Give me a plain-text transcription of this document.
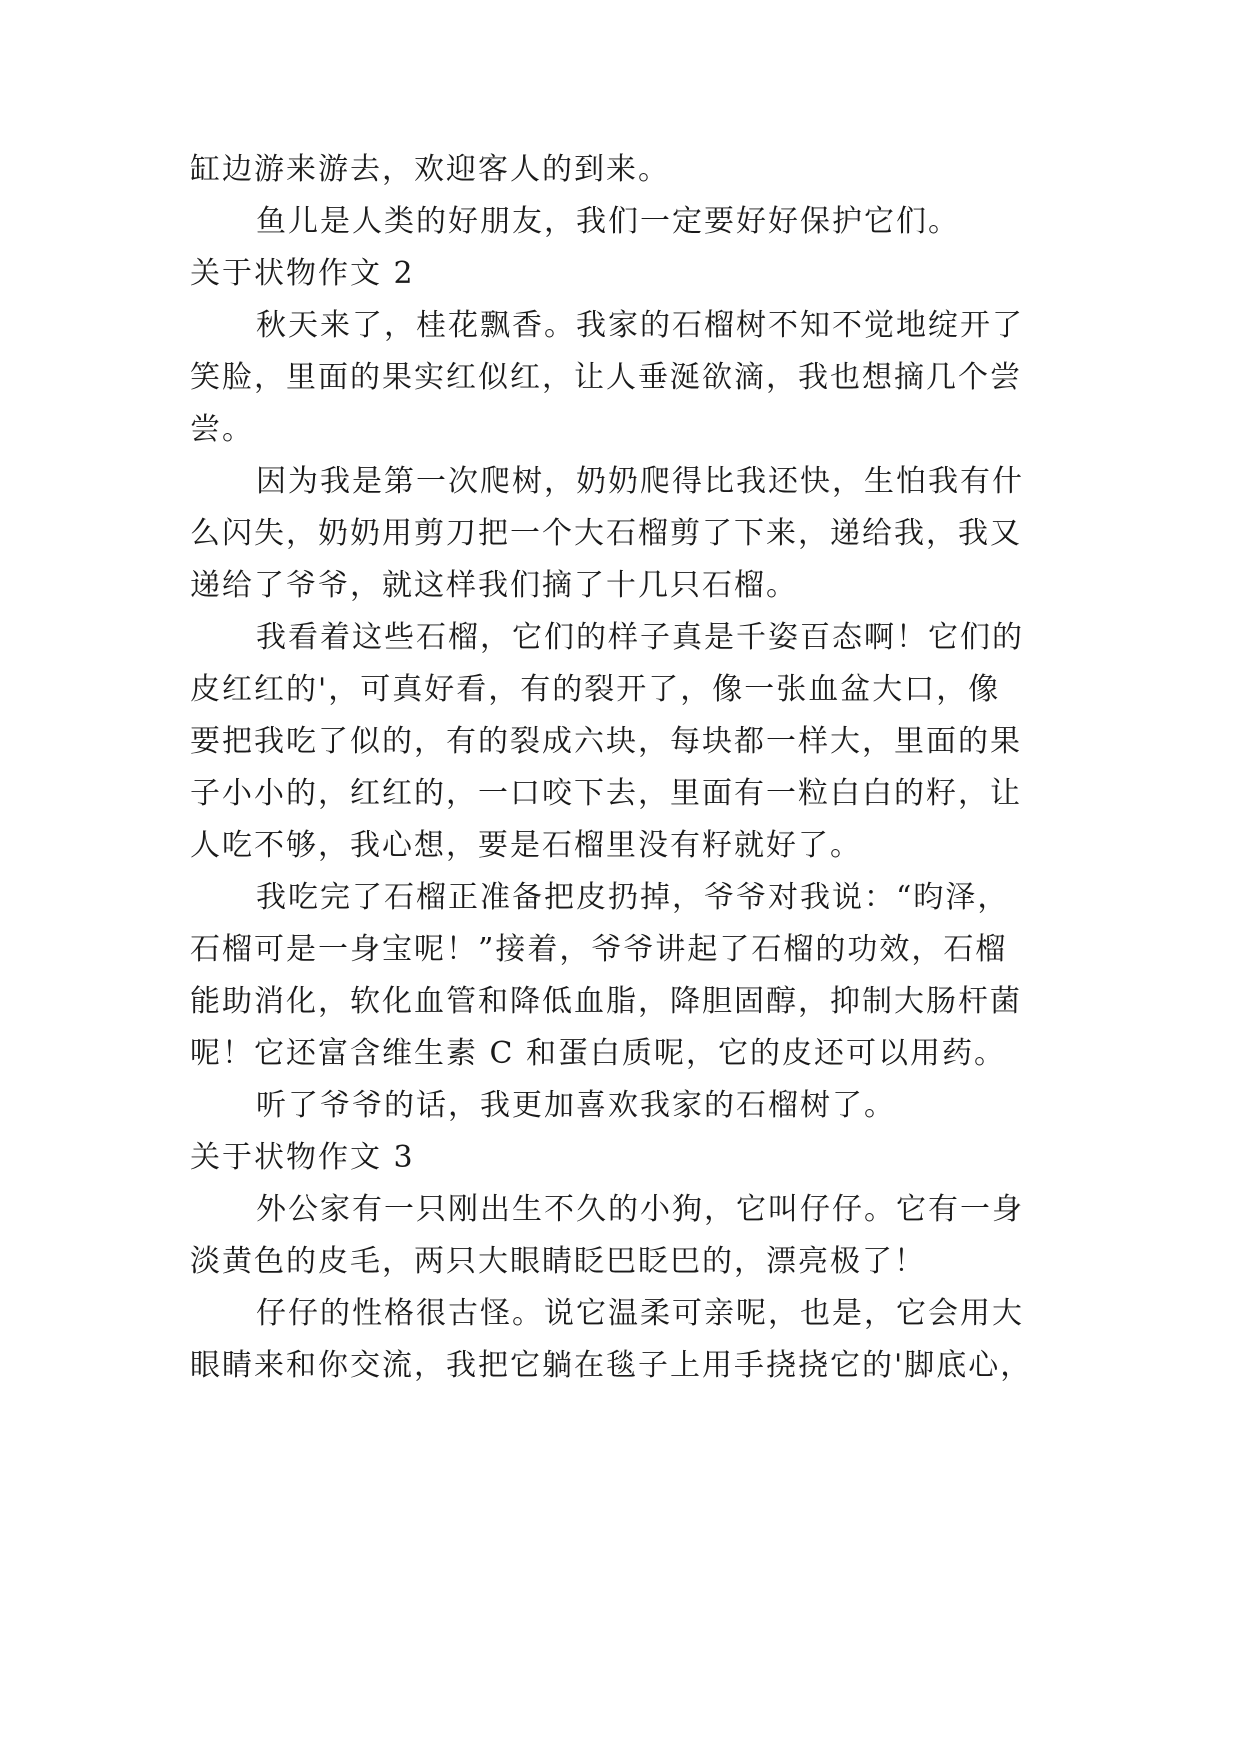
缸边游来游去，欢迎客人的到来。
鱼儿是人类的好朋友，我们一定要好好保护它们。
关于状物作文 2
秋天来了，桂花飘香。我家的石榴树不知不觉地绽开了
笑脸，里面的果实红似红，让人垂涎欲滴，我也想摘几个尝
尝。
因为我是第一次爬树，奶奶爬得比我还快，生怕我有什
么闪失，奶奶用剪刀把一个大石榴剪了下来，递给我，我又
递给了爷爷，就这样我们摘了十几只石榴。
我看着这些石榴，它们的样子真是千姿百态啊！它们的
皮红红的'，可真好看，有的裂开了，像一张血盆大口，像
要把我吃了似的，有的裂成六块，每块都一样大，里面的果
子小小的，红红的，一口咬下去，里面有一粒白白的籽，让
人吃不够，我心想，要是石榴里没有籽就好了。
我吃完了石榴正准备把皮扔掉，爷爷对我说：“昀泽，
石榴可是一身宝呢！”接着，爷爷讲起了石榴的功效，石榴
能助消化，软化血管和降低血脂，降胆固醇，抑制大肠杆菌
呢！它还富含维生素 C 和蛋白质呢，它的皮还可以用药。
听了爷爷的话，我更加喜欢我家的石榴树了。
关于状物作文 3
外公家有一只刚出生不久的小狗，它叫仔仔。它有一身
淡黄色的皮毛，两只大眼睛眨巴眨巴的，漂亮极了！
仔仔的性格很古怪。说它温柔可亲呢，也是，它会用大
眼睛来和你交流，我把它躺在毯子上用手挠挠它的'脚底心，
